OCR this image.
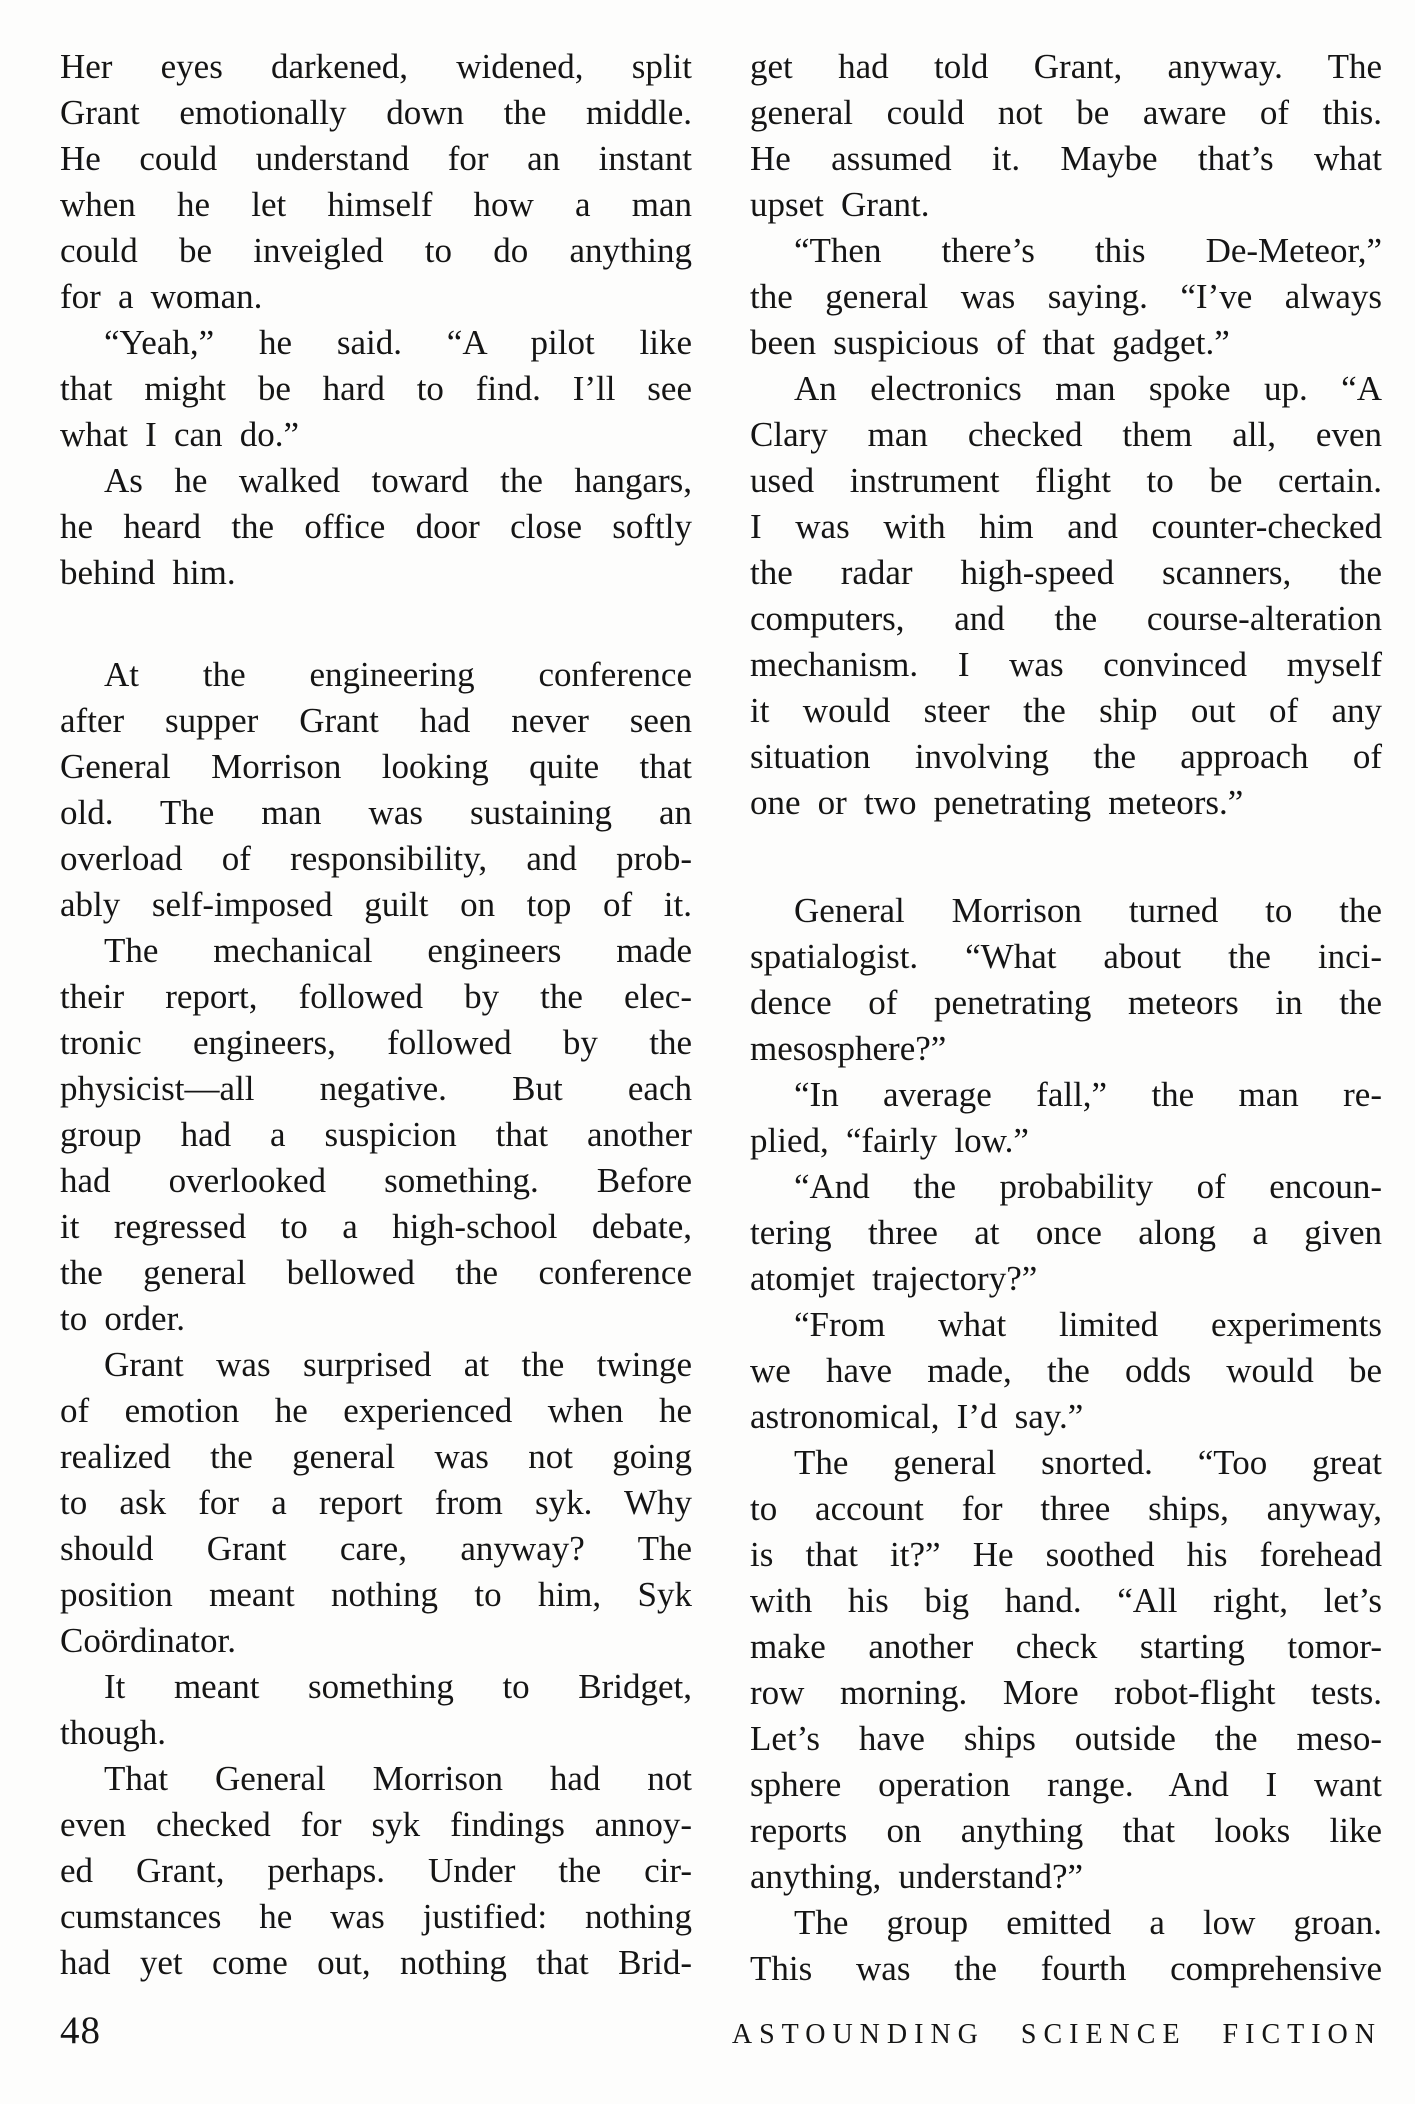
Her eyes darkened, widened, split
Grant emotionally down the middle.
He could understand for an instant
when he let himself how a man
could be inveigled to do anything
for a woman.
“Yeah,” he said. “A pilot like
that might be hard to find. I’ll see
what I can do.”
As he walked toward the hangars,
he heard the office door close softly
behind him.
At the engineering conference
after supper Grant had never seen
General Morrison looking quite that
old. The man was sustaining an
overload of responsibility, and prob-
ably self-imposed guilt on top of it.
The mechanical engineers made
their report, followed by the elec-
tronic engineers, followed by the
physicist—all negative. But each
group had a suspicion that another
had overlooked something. Before
it regressed to a high-school debate,
the general bellowed the conference
to order.
Grant was surprised at the twinge
of emotion he experienced when he
realized the general was not going
to ask for a report from syk. Why
should Grant care, anyway? The
position meant nothing to him, Syk
Coördinator.
It meant something to Bridget,
though.
That General Morrison had not
even checked for syk findings annoy-
ed Grant, perhaps. Under the cir-
cumstances he was justified: nothing
had yet come out, nothing that Brid-
get had told Grant, anyway. The
general could not be aware of this.
He assumed it. Maybe that’s what
upset Grant.
“Then there’s this De-Meteor,”
the general was saying. “I’ve always
been suspicious of that gadget.”
An electronics man spoke up. “A
Clary man checked them all, even
used instrument flight to be certain.
I was with him and counter-checked
the radar high-speed scanners, the
computers, and the course-alteration
mechanism. I was convinced myself
it would steer the ship out of any
situation involving the approach of
one or two penetrating meteors.”
General Morrison turned to the
spatialogist. “What about the inci-
dence of penetrating meteors in the
mesosphere?”
“In average fall,” the man re-
plied, “fairly low.”
“And the probability of encoun-
tering three at once along a given
atomjet trajectory?”
“From what limited experiments
we have made, the odds would be
astronomical, I’d say.”
The general snorted. “Too great
to account for three ships, anyway,
is that it?” He soothed his forehead
with his big hand. “All right, let’s
make another check starting tomor-
row morning. More robot-flight tests.
Let’s have ships outside the meso-
sphere operation range. And I want
reports on anything that looks like
anything, understand?”
The group emitted a low groan.
This was the fourth comprehensive
48	ASTOUNDING SCIENCE FICTION
